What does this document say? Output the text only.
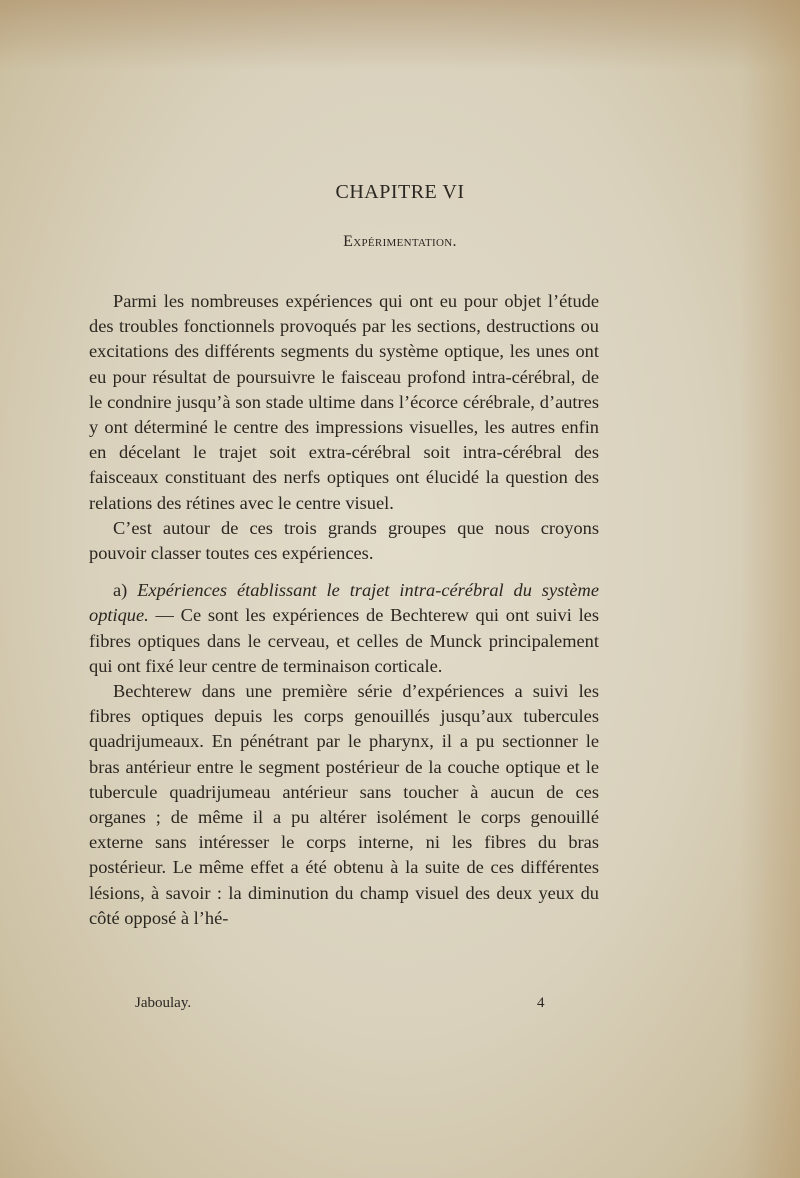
CHAPITRE VI
Expérimentation.

Parmi les nombreuses expériences qui ont eu pour objet l’étude des troubles fonctionnels provoqués par les sections, destructions ou excitations des différents segments du système optique, les unes ont eu pour résultat de poursuivre le faisceau profond intra-cérébral, de le condnire jusqu’à son stade ultime dans l’écorce cérébrale, d’autres y ont déterminé le centre des impressions visuelles, les autres enfin en décelant le trajet soit extra-cérébral soit intra-cérébral des faisceaux constituant des nerfs optiques ont élucidé la question des relations des rétines avec le centre visuel.

C’est autour de ces trois grands groupes que nous croyons pouvoir classer toutes ces expériences.

a) Expériences établissant le trajet intra-cérébral du système optique. — Ce sont les expériences de Bechterew qui ont suivi les fibres optiques dans le cerveau, et celles de Munck principalement qui ont fixé leur centre de terminaison corticale.

Bechterew dans une première série d’expériences a suivi les fibres optiques depuis les corps genouillés jusqu’aux tubercules quadrijumeaux. En pénétrant par le pharynx, il a pu sectionner le bras antérieur entre le segment postérieur de la couche optique et le tubercule quadrijumeau antérieur sans toucher à aucun de ces organes ; de même il a pu altérer isolément le corps genouillé externe sans intéresser le corps interne, ni les fibres du bras postérieur. Le même effet a été obtenu à la suite de ces différentes lésions, à savoir : la diminution du champ visuel des deux yeux du côté opposé à l’hé-

Jaboulay.	4
